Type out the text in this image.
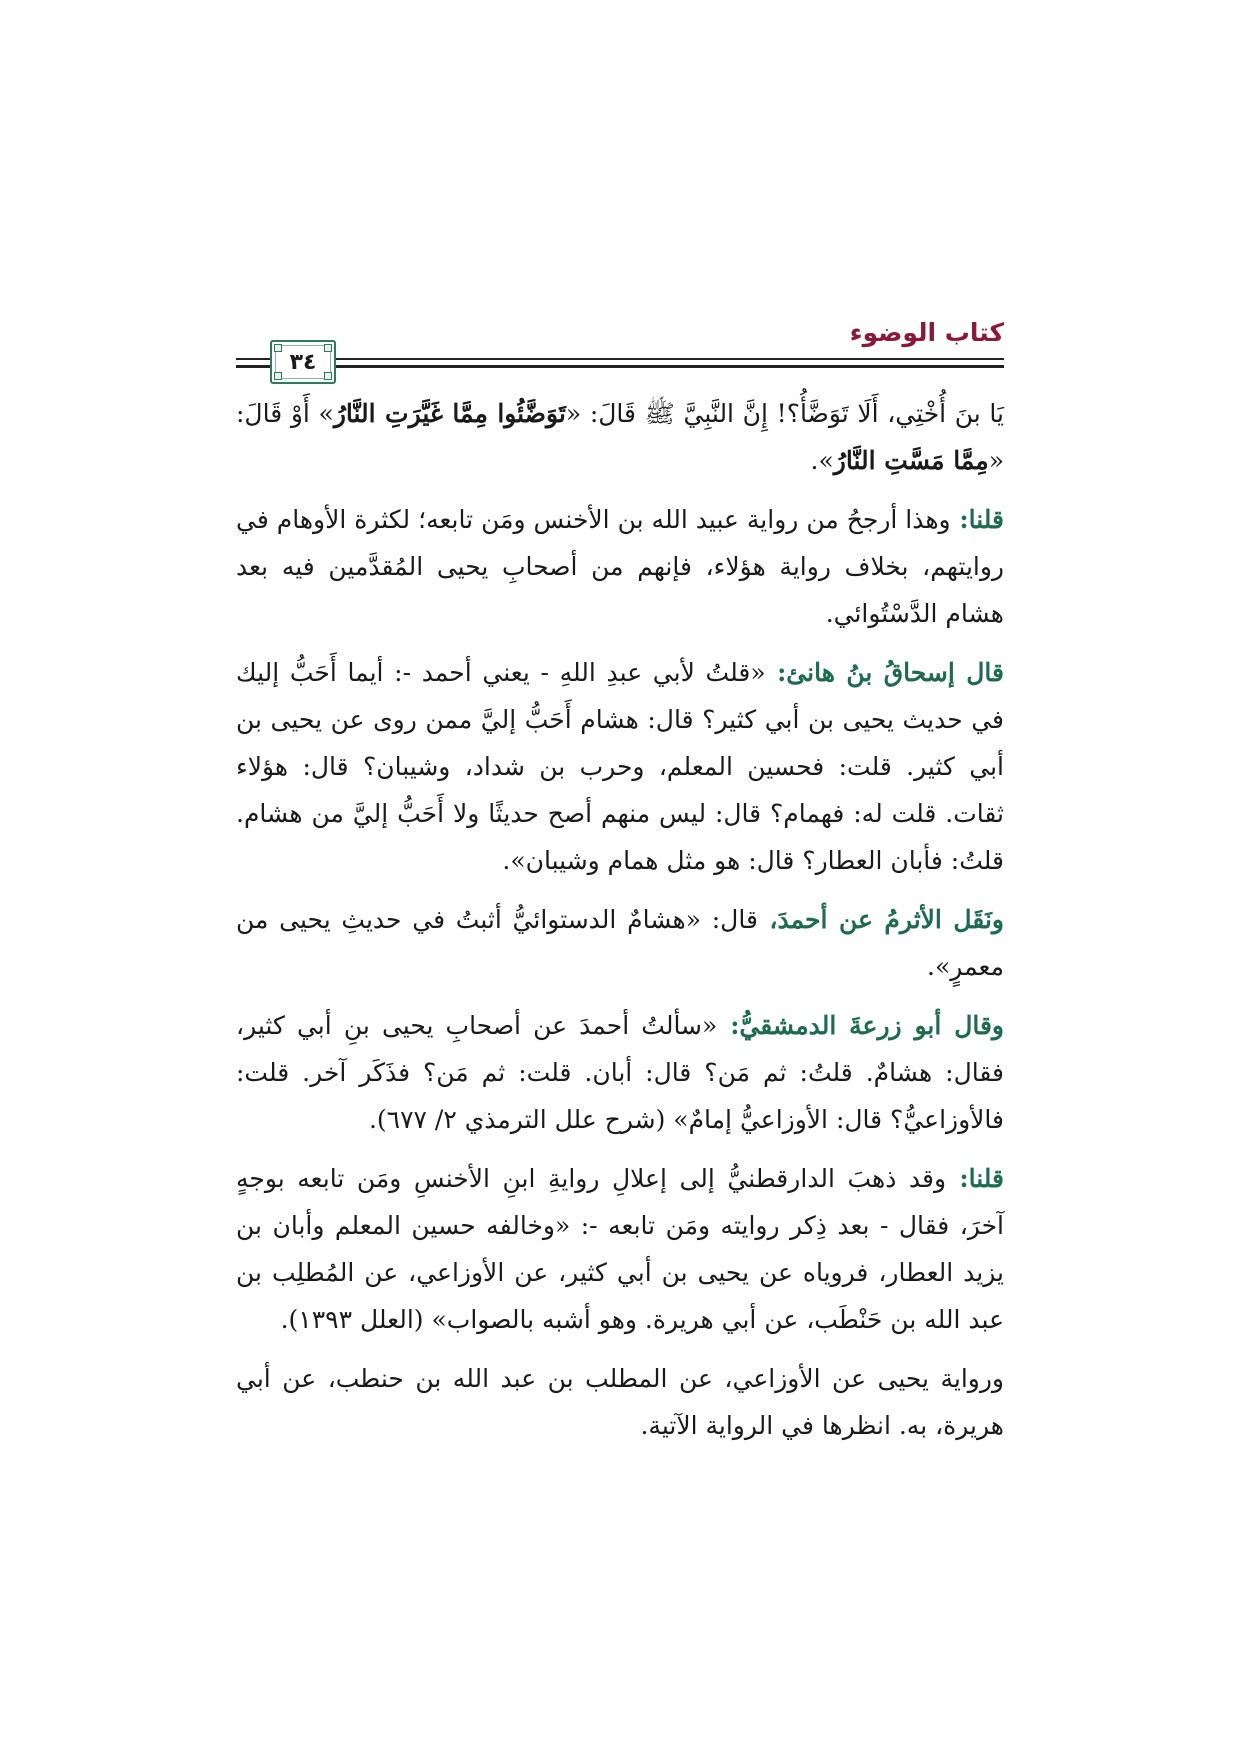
كتاب الوضوء
٣٤

يَا بنَ أُخْتِي، أَلَا تَوَضَّأُ؟! إِنَّ النَّبِيَّ ﷺ قَالَ: «تَوَضَّئُوا مِمَّا غَيَّرَتِ النَّارُ» أَوْ قَالَ: «مِمَّا مَسَّتِ النَّارُ».

قلنا: وهذا أرجحُ من رواية عبيد الله بن الأخنس ومَن تابعه؛ لكثرة الأوهام في روايتهم، بخلاف رواية هؤلاء، فإنهم من أصحابِ يحيى المُقدَّمين فيه بعد هشام الدَّسْتُوائي.

قال إسحاقُ بنُ هانئ: «قلتُ لأبي عبدِ اللهِ - يعني أحمد -: أيما أَحَبُّ إليك في حديث يحيى بن أبي كثير؟ قال: هشام أَحَبُّ إليَّ ممن روى عن يحيى بن أبي كثير. قلت: فحسين المعلم، وحرب بن شداد، وشيبان؟ قال: هؤلاء ثقات. قلت له: فهمام؟ قال: ليس منهم أصح حديثًا ولا أَحَبُّ إليَّ من هشام. قلتُ: فأبان العطار؟ قال: هو مثل همام وشيبان».

ونَقَل الأثرمُ عن أحمدَ، قال: «هشامٌ الدستوائيُّ أثبتُ في حديثِ يحيى من معمرٍ».

وقال أبو زرعةَ الدمشقيُّ: «سألتُ أحمدَ عن أصحابِ يحيى بنِ أبي كثير، فقال: هشامٌ. قلتُ: ثم مَن؟ قال: أبان. قلت: ثم مَن؟ فذَكَر آخر. قلت: فالأوزاعيُّ؟ قال: الأوزاعيُّ إمامٌ» (شرح علل الترمذي ٢/ ٦٧٧).

قلنا: وقد ذهبَ الدارقطنيُّ إلى إعلالِ روايةِ ابنِ الأخنسِ ومَن تابعه بوجهٍ آخرَ، فقال - بعد ذِكر روايته ومَن تابعه -: «وخالفه حسين المعلم وأبان بن يزيد العطار، فروياه عن يحيى بن أبي كثير، عن الأوزاعي، عن المُطلِب بن عبد الله بن حَنْطَب، عن أبي هريرة. وهو أشبه بالصواب» (العلل ١٣٩٣).

ورواية يحيى عن الأوزاعي، عن المطلب بن عبد الله بن حنطب، عن أبي هريرة، به. انظرها في الرواية الآتية.
